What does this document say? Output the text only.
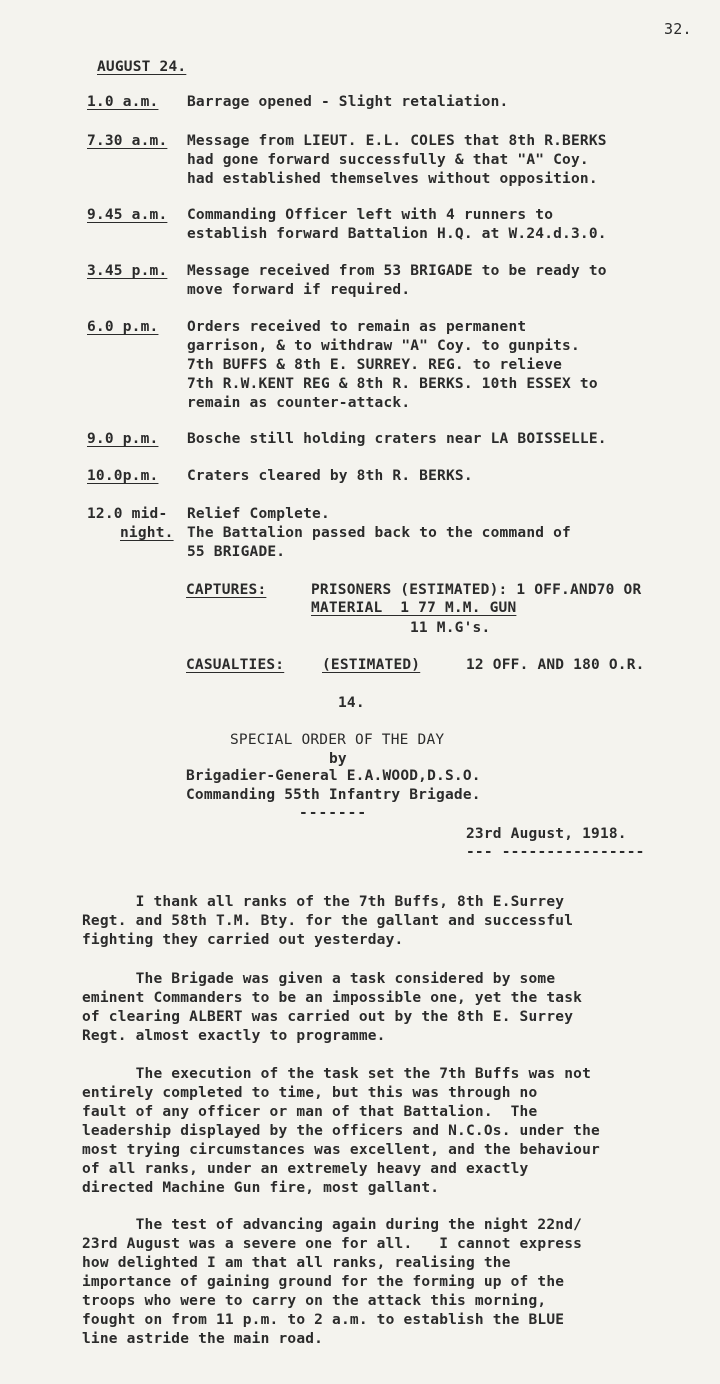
32.
AUGUST 24.
1.0 a.m. Barrage opened - Slight retaliation.
7.30 a.m. Message from LIEUT. E.L. COLES that 8th R.BERKS
had gone forward successfully & that "A" Coy.
had established themselves without opposition.
9.45 a.m. Commanding Officer left with 4 runners to
establish forward Battalion H.Q. at W.24.d.3.0.
3.45 p.m. Message received from 53 BRIGADE to be ready to
move forward if required.
6.0 p.m. Orders received to remain as permanent
garrison, & to withdraw "A" Coy. to gunpits.
7th BUFFS & 8th E. SURREY. REG. to relieve
7th R.W.KENT REG & 8th R. BERKS. 10th ESSEX to
remain as counter-attack.
9.0 p.m. Bosche still holding craters near LA BOISSELLE.
10.0p.m. Craters cleared by 8th R. BERKS.
12.0 mid-
night.
Relief Complete.
The Battalion passed back to the command of
55 BRIGADE.
CAPTURES:	PRISONERS (ESTIMATED): 1 OFF.AND70 OR
MATERIAL  1 77 M.M. GUN
11 M.G's.
CASUALTIES:	(ESTIMATED)	12 OFF. AND 180 O.R.
14.
SPECIAL ORDER OF THE DAY
by
Brigadier-General E.A.WOOD,D.S.O.
Commanding 55th Infantry Brigade.
-------
23rd August, 1918.
--- ----------------
I thank all ranks of the 7th Buffs, 8th E.Surrey
Regt. and 58th T.M. Bty. for the gallant and successful
fighting they carried out yesterday.
The Brigade was given a task considered by some
eminent Commanders to be an impossible one, yet the task
of clearing ALBERT was carried out by the 8th E. Surrey
Regt. almost exactly to programme.
The execution of the task set the 7th Buffs was not
entirely completed to time, but this was through no
fault of any officer or man of that Battalion.  The
leadership displayed by the officers and N.C.Os. under the
most trying circumstances was excellent, and the behaviour
of all ranks, under an extremely heavy and exactly
directed Machine Gun fire, most gallant.
The test of advancing again during the night 22nd/
23rd August was a severe one for all.   I cannot express
how delighted I am that all ranks, realising the
importance of gaining ground for the forming up of the
troops who were to carry on the attack this morning,
fought on from 11 p.m. to 2 a.m. to establish the BLUE
line astride the main road.
